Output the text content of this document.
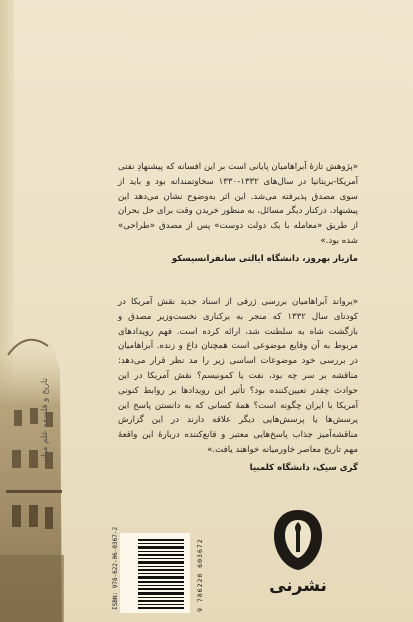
تاریخ و فلسفه علم میان
«پژوهش تازهٔ آبراهامیان پایانی است بر این افسانه که پیشنهادِ نفتی آمریکا-بریتانیا در سال‌های ۱۳۳۲-۱۳۳۰ سخاوتمندانه بود و باید از سوی مصدق پذیرفته می‌شد. این اثر به‌وضوح نشان می‌دهد این پیشنهاد، درکنار دیگر مسائل، به منظور خریدن وقت برای حل بحران از طریق «معامله با یک دولت دوست» پس از مصدق «طراحی» شده بود.»
مازیار بهروز، دانشگاه ایالتی سانفرانسیسکو
«یرواند آبراهامیان بررسی ژرفی از اسناد جدید نقش آمریکا در کودتای سال ۱۳۳۲ که منجر به برکناری نخست‌وزیر مصدق و بازگشت شاه به سلطنت شد، ارائه کرده است. فهم رویدادهای مربوط به آن وقایع موضوعی است همچنان داغ و زنده. آبراهامیان در بررسی خود موضوعات اساسی زیر را مد نظر قرار می‌دهد: مناقشه بر سر چه بود، نفت یا کمونیسم؟ نقش آمریکا در این حوادث چقدر تعیین‌کننده بود؟ تأثیر این رویدادها بر روابط کنونی آمریکا با ایران چگونه است؟ همهٔ کسانی که به دانستن پاسخ این پرسش‌ها یا پرسش‌هایی دیگر علاقه دارند در این گزارش مناقشه‌آمیز جذاب پاسخ‌هایی معتبر و قانع‌کننده دربارهٔ این واقعهٔ مهم تاریخ معاصر خاورمیانه خواهند یافت.»
گری سیک، دانشگاه کلمبیا
ISBN: 978-622-06-0367-2	9 786220 603672	نشرنی
